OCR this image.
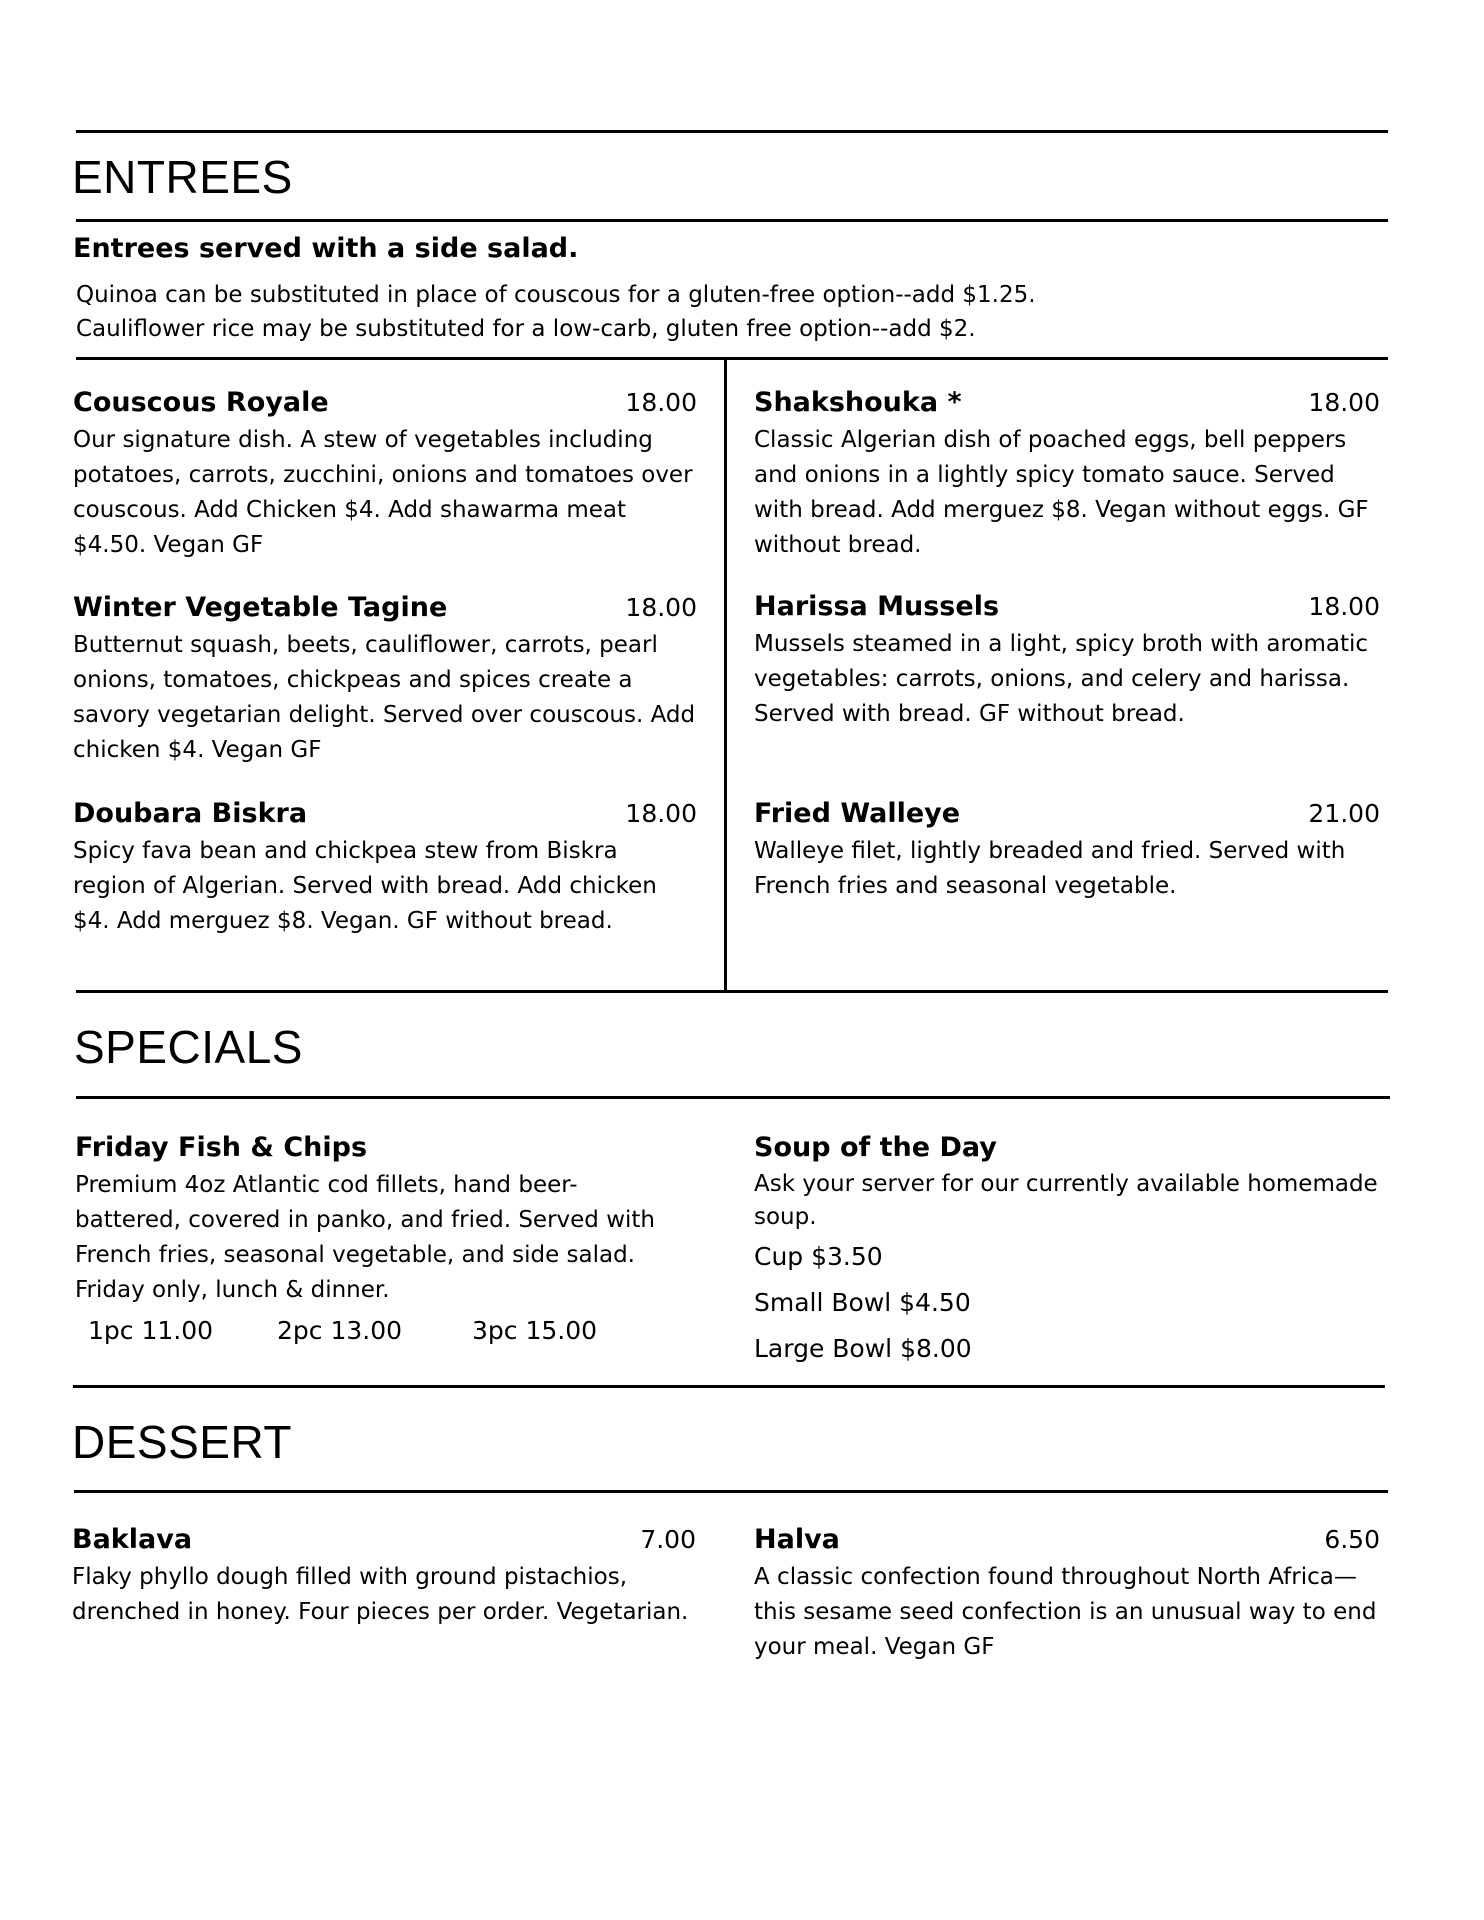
ENTREES
Entrees served with a side salad.
Quinoa can be substituted in place of couscous for a gluten-free option--add $1.25.
Cauliflower rice may be substituted for a low-carb, gluten free option--add $2.
Couscous Royale	18.00
Our signature dish. A stew of vegetables including potatoes, carrots, zucchini, onions and tomatoes over couscous. Add Chicken $4. Add shawarma meat $4.50. Vegan GF
Winter Vegetable Tagine	18.00
Butternut squash, beets, cauliflower, carrots, pearl onions, tomatoes, chickpeas and spices create a savory vegetarian delight. Served over couscous. Add chicken $4. Vegan GF
Doubara Biskra	18.00
Spicy fava bean and chickpea stew from Biskra region of Algerian. Served with bread. Add chicken $4. Add merguez $8. Vegan. GF without bread.
Shakshouka *	18.00
Classic Algerian dish of poached eggs, bell peppers and onions in a lightly spicy tomato sauce. Served with bread. Add merguez $8. Vegan without eggs. GF without bread.
Harissa Mussels	18.00
Mussels steamed in a light, spicy broth with aromatic vegetables: carrots, onions, and celery and harissa. Served with bread. GF without bread.
Fried Walleye	21.00
Walleye filet, lightly breaded and fried. Served with French fries and seasonal vegetable.
SPECIALS
Friday Fish & Chips
Premium 4oz Atlantic cod fillets, hand beer-battered, covered in panko, and fried. Served with French fries, seasonal vegetable, and side salad. Friday only, lunch & dinner.
1pc 11.00	2pc 13.00	3pc 15.00
Soup of the Day
Ask your server for our currently available homemade soup.
Cup $3.50
Small Bowl $4.50
Large Bowl $8.00
DESSERT
Baklava	7.00
Flaky phyllo dough filled with ground pistachios, drenched in honey. Four pieces per order. Vegetarian.
Halva	6.50
A classic confection found throughout North Africa—this sesame seed confection is an unusual way to end your meal. Vegan GF
